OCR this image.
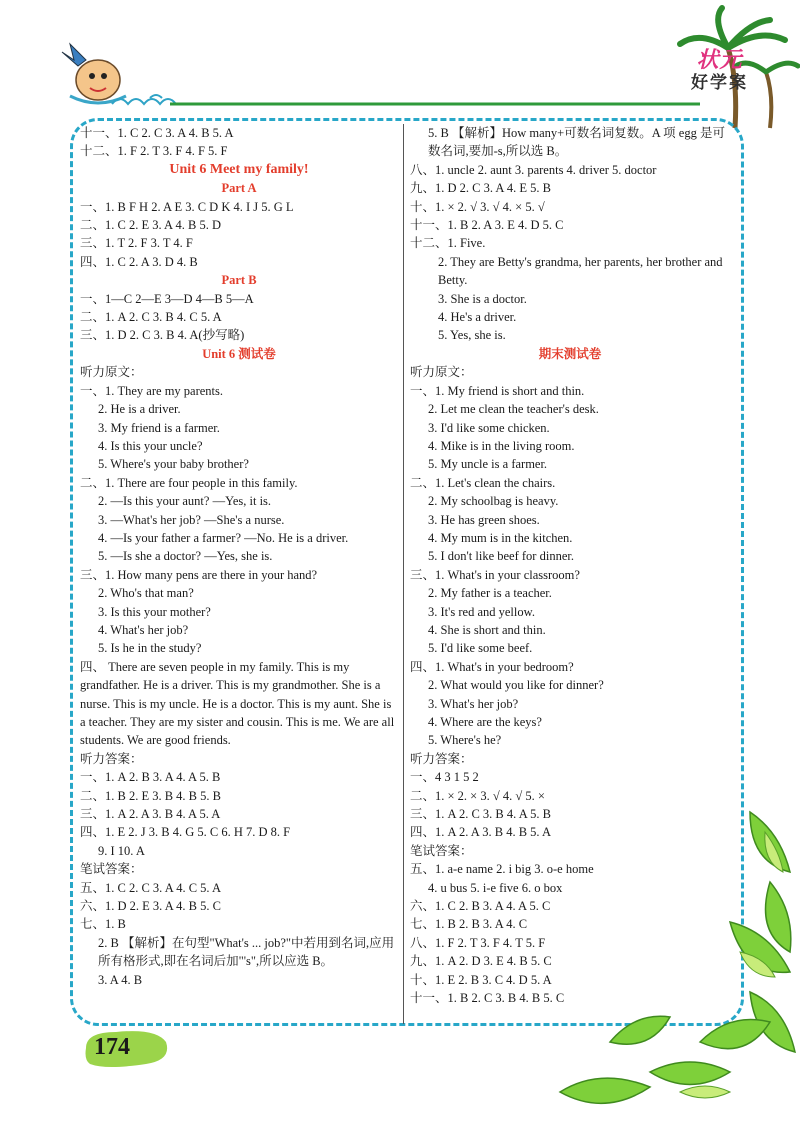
状元
好学案
十一、1. C 2. C 3. A 4. B 5. A
十二、1. F 2. T 3. F 4. F 5. F
Unit 6 Meet my family!
Part A
一、1. B F H 2. A E 3. C D K 4. I J 5. G L
二、1. C 2. E 3. A 4. B 5. D
三、1. T 2. F 3. T 4. F
四、1. C 2. A 3. D 4. B
Part B
一、1—C 2—E 3—D 4—B 5—A
二、1. A 2. C 3. B 4. C 5. A
三、1. D 2. C 3. B 4. A(抄写略)
Unit 6 测试卷
听力原文：
一、1. They are my parents.
2. He is a driver.
3. My friend is a farmer.
4. Is this your uncle?
5. Where's your baby brother?
二、1. There are four people in this family.
2. —Is this your aunt? —Yes, it is.
3. —What's her job? —She's a nurse.
4. —Is your father a farmer? —No. He is a driver.
5. —Is she a doctor? —Yes, she is.
三、1. How many pens are there in your hand?
2. Who's that man?
3. Is this your mother?
4. What's her job?
5. Is he in the study?
四、 There are seven people in my family. This is my grandfather. He is a driver. This is my grandmother. She is a nurse. This is my uncle. He is a doctor. This is my aunt. She is a teacher. They are my sister and cousin. This is me. We are all students. We are good friends.
听力答案：
一、1. A 2. B 3. A 4. A 5. B
二、1. B 2. E 3. B 4. B 5. B
三、1. A 2. A 3. B 4. A 5. A
四、1. E 2. J 3. B 4. G 5. C 6. H 7. D 8. F
9. I 10. A
笔试答案：
五、1. C 2. C 3. A 4. C 5. A
六、1. D 2. E 3. A 4. B 5. C
七、1. B
2. B 【解析】在句型"What's ... job?"中若用到名词,应用所有格形式,即在名词后加"'s",所以应选 B。
3. A 4. B
5. B 【解析】How many+可数名词复数。A 项 egg 是可数名词,要加-s,所以选 B。
八、1. uncle 2. aunt 3. parents 4. driver 5. doctor
九、1. D 2. C 3. A 4. E 5. B
十、1. × 2. √ 3. √ 4. × 5. √
十一、1. B 2. A 3. E 4. D 5. C
十二、1. Five.
2. They are Betty's grandma, her parents, her brother and Betty.
3. She is a doctor.
4. He's a driver.
5. Yes, she is.
期末测试卷
听力原文：
一、1. My friend is short and thin.
2. Let me clean the teacher's desk.
3. I'd like some chicken.
4. Mike is in the living room.
5. My uncle is a farmer.
二、1. Let's clean the chairs.
2. My schoolbag is heavy.
3. He has green shoes.
4. My mum is in the kitchen.
5. I don't like beef for dinner.
三、1. What's in your classroom?
2. My father is a teacher.
3. It's red and yellow.
4. She is short and thin.
5. I'd like some beef.
四、1. What's in your bedroom?
2. What would you like for dinner?
3. What's her job?
4. Where are the keys?
5. Where's he?
听力答案：
一、4 3 1 5 2
二、1. × 2. × 3. √ 4. √ 5. ×
三、1. A 2. C 3. B 4. A 5. B
四、1. A 2. A 3. B 4. B 5. A
笔试答案：
五、1. a-e name 2. i big 3. o-e home
4. u bus 5. i-e five 6. o box
六、1. C 2. B 3. A 4. A 5. C
七、1. B 2. B 3. A 4. C
八、1. F 2. T 3. F 4. T 5. F
九、1. A 2. D 3. E 4. B 5. C
十、1. E 2. B 3. C 4. D 5. A
十一、1. B 2. C 3. B 4. B 5. C
174
